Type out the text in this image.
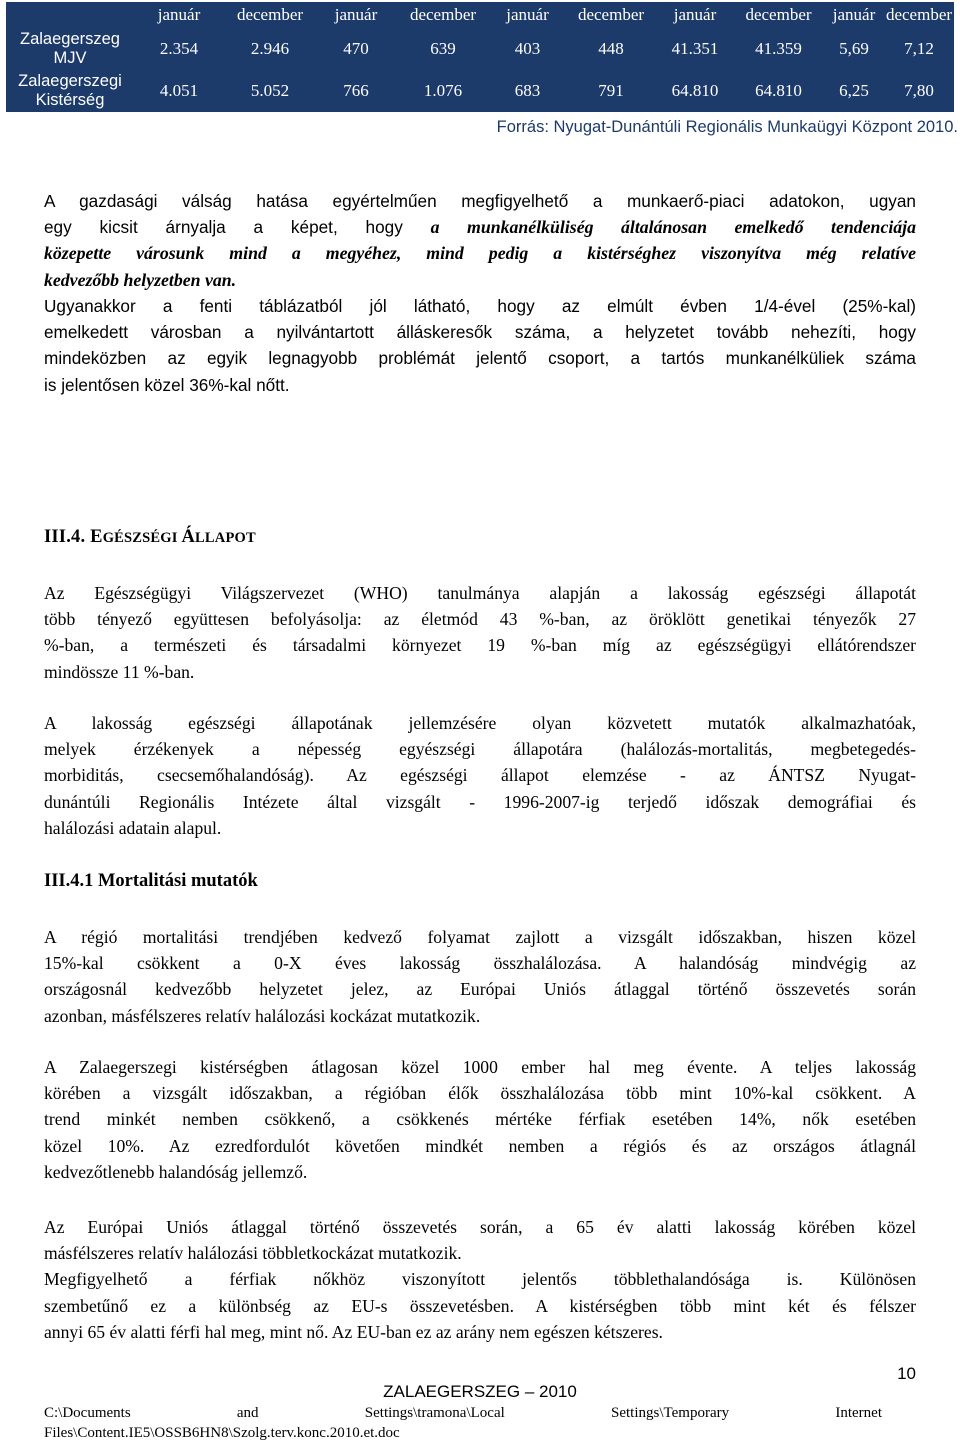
	január	december	január	december	január	december	január	december	január	december

Zalaegerszeg
MJV	2.354	2.946	470	639	403	448	41.351	41.359	5,69	7,12

Zalaegerszegi
Kistérség	4.051	5.052	766	1.076	683	791	64.810	64.810	6,25	7,80
Forrás: Nyugat-Dunántúli Regionális Munkaügyi Központ 2010.
A gazdasági válság hatása egyértelműen megfigyelhető a munkaerő-piaci adatokon, ugyan
egy kicsit árnyalja a képet, hogy a munkanélküliség általánosan emelkedő tendenciája
közepette városunk mind a megyéhez, mind pedig a kistérséghez viszonyítva még relatíve
kedvezőbb helyzetben van.
Ugyanakkor a fenti táblázatból jól látható, hogy az elmúlt évben 1/4-ével (25%-kal)
emelkedett városban a nyilvántartott álláskeresők száma, a helyzetet tovább nehezíti, hogy
mindeközben az egyik legnagyobb problémát jelentő csoport, a tartós munkanélküliek száma
is jelentősen közel 36%-kal nőtt.
III.4. EGÉSZSÉGI ÁLLAPOT
Az Egészségügyi Világszervezet (WHO) tanulmánya alapján a lakosság egészségi állapotát
több tényező együttesen befolyásolja: az életmód 43 %-ban, az öröklött genetikai tényezők 27
%-ban, a természeti és társadalmi környezet 19 %-ban míg az egészségügyi ellátórendszer
mindössze 11 %-ban.
A lakosság egészségi állapotának jellemzésére olyan közvetett mutatók alkalmazhatóak,
melyek érzékenyek a népesség egyészségi állapotára (halálozás-mortalitás, megbetegedés-
morbiditás, csecsemőhalandóság). Az egészségi állapot elemzése - az ÁNTSZ Nyugat-
dunántúli Regionális Intézete által vizsgált - 1996-2007-ig terjedő időszak demográfiai és
halálozási adatain alapul.
III.4.1 Mortalitási mutatók
A régió mortalitási trendjében kedvező folyamat zajlott a vizsgált időszakban, hiszen közel
15%-kal csökkent a 0-X éves lakosság összhalálozása. A halandóság mindvégig az
országosnál kedvezőbb helyzetet jelez, az Európai Uniós átlaggal történő összevetés során
azonban, másfélszeres relatív halálozási kockázat mutatkozik.
A Zalaegerszegi kistérségben átlagosan közel 1000 ember hal meg évente. A teljes lakosság
körében a vizsgált időszakban, a régióban élők összhalálozása több mint 10%-kal csökkent. A
trend minkét nemben csökkenő, a csökkenés mértéke férfiak esetében 14%, nők esetében
közel 10%. Az ezredfordulót követően mindkét nemben a régiós és az országos átlagnál
kedvezőtlenebb halandóság jellemző.
Az Európai Uniós átlaggal történő összevetés során, a 65 év alatti lakosság körében közel
másfélszeres relatív halálozási többletkockázat mutatkozik.
Megfigyelhető a férfiak nőkhöz viszonyított jelentős többlethalandósága is. Különösen
szembetűnő ez a különbség az EU-s összevetésben. A kistérségben több mint két és félszer
annyi 65 év alatti férfi hal meg, mint nő. Az EU-ban ez az arány nem egészen kétszeres.
10
ZALAEGERSZEG – 2010
C:\Documents and Settings\tramona\Local Settings\Temporary Internet
Files\Content.IE5\OSSB6HN8\Szolg.terv.konc.2010.et.doc
